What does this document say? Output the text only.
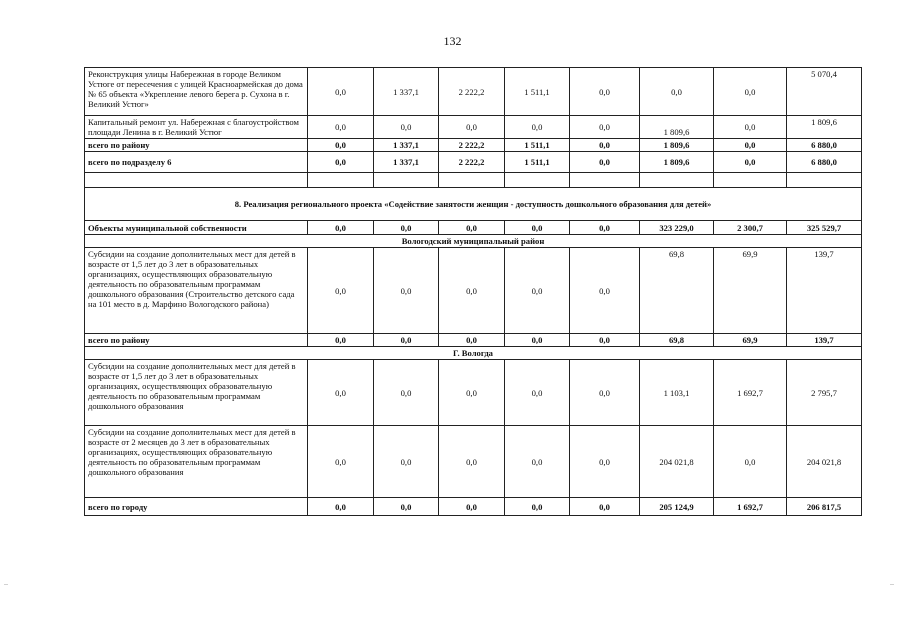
132
Реконструкция улицы Набережная в городе Великом Устюге от пересечения с улицей Красноармейская до дома № 65 объекта «Укрепление левого берега р. Сухона в г. Великий Устюг»	0,0	1 337,1	2 222,2	1 511,1	0,0	0,0	0,0	5 070,4
Капитальный ремонт ул. Набережная с благоустройством площади Ленина в г. Великий Устюг	0,0	0,0	0,0	0,0	0,0	1 809,6	0,0	1 809,6
всего по району	0,0	1 337,1	2 222,2	1 511,1	0,0	1 809,6	0,0	6 880,0
всего по подразделу 6	0,0	1 337,1	2 222,2	1 511,1	0,0	1 809,6	0,0	6 880,0

8. Реализация регионального проекта «Содействие занятости женщин - доступность дошкольного образования для детей»								
Объекты муниципальной собственности	0,0	0,0	0,0	0,0	0,0	323 229,0	2 300,7	325 529,7
Вологодский муниципальный район								
Субсидии на создание дополнительных мест для детей в возрасте от 1,5 лет до 3 лет в образовательных организациях, осуществляющих образовательную деятельность по образовательным программам дошкольного образования (Строительство детского сада на 101 место в д. Марфино Вологодского района)	0,0	0,0	0,0	0,0	0,0	69,8	69,9	139,7
всего по району	0,0	0,0	0,0	0,0	0,0	69,8	69,9	139,7
Г. Вологда								
Субсидии на создание дополнительных мест для детей в возрасте от 1,5 лет до 3 лет в образовательных организациях, осуществляющих образовательную деятельность по образовательным программам дошкольного образования	0,0	0,0	0,0	0,0	0,0	1 103,1	1 692,7	2 795,7
Субсидии на создание дополнительных мест для детей в возрасте от 2 месяцев до 3 лет в образовательных организациях, осуществляющих образовательную деятельность по образовательным программам дошкольного образования	0,0	0,0	0,0	0,0	0,0	204 021,8	0,0	204 021,8
всего по городу	0,0	0,0	0,0	0,0	0,0	205 124,9	1 692,7	206 817,5
..	..
